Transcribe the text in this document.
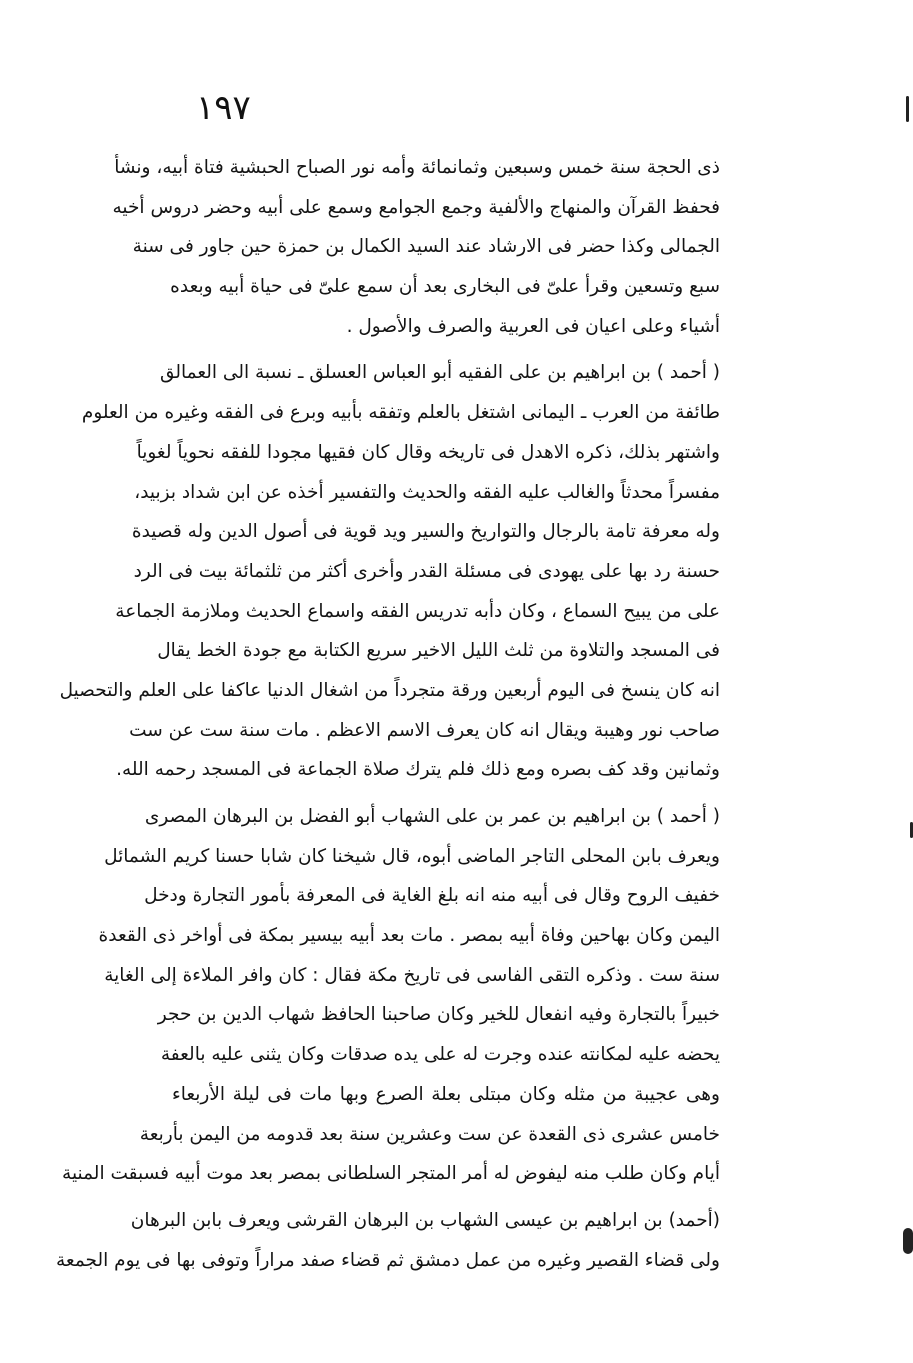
١٩٧
ذى الحجة سنة خمس وسبعين وثمانمائة وأمه نور الصباح الحبشية فتاة أبيه، ونشأ
فحفظ القرآن والمنهاج والألفية وجمع الجوامع وسمع على أبيه وحضر دروس أخيه
الجمالى وكذا حضر فى الارشاد عند السيد الكمال بن حمزة حين جاور فى سنة
سبع وتسعين وقرأ علىّ فى البخارى بعد أن سمع علىّ فى حياة أبيه وبعده
أشياء وعلى اعيان فى العربية والصرف والأصول .
( أحمد ) بن ابراهيم بن على الفقيه أبو العباس العسلق ـ نسبة الى العمالق
طائفة من العرب ـ اليمانى اشتغل بالعلم وتفقه بأبيه وبرع فى الفقه وغيره من العلوم
واشتهر بذلك، ذكره الاهدل فى تاريخه وقال كان فقيها مجودا للفقه نحوياً لغوياً
مفسراً محدثاً والغالب عليه الفقه والحديث والتفسير أخذه عن ابن شداد بزبيد،
وله معرفة تامة بالرجال والتواريخ والسير ويد قوية فى أصول الدين وله قصيدة
حسنة رد بها على يهودى فى مسئلة القدر وأخرى أكثر من ثلثمائة بيت فى الرد
على من يبيح السماع ، وكان دأبه تدريس الفقه واسماع الحديث وملازمة الجماعة
فى المسجد والتلاوة من ثلث الليل الاخير سريع الكتابة مع جودة الخط يقال
انه كان ينسخ فى اليوم أربعين ورقة متجرداً من اشغال الدنيا عاكفا على العلم والتحصيل
صاحب نور وهيبة ويقال انه كان يعرف الاسم الاعظم . مات سنة ست عن ست
وثمانين وقد كف بصره ومع ذلك فلم يترك صلاة الجماعة فى المسجد رحمه الله.
( أحمد ) بن ابراهيم بن عمر بن على الشهاب أبو الفضل بن البرهان المصرى
ويعرف بابن المحلى التاجر الماضى أبوه، قال شيخنا كان شابا حسنا كريم الشمائل
خفيف الروح وقال فى أبيه منه انه بلغ الغاية فى المعرفة بأمور التجارة ودخل
اليمن وكان بهاحين وفاة أبيه بمصر . مات بعد أبيه بيسير بمكة فى أواخر ذى القعدة
سنة ست . وذكره التقى الفاسى فى تاريخ مكة فقال : كان وافر الملاءة إلى الغاية
خبيراً بالتجارة وفيه انفعال للخير وكان صاحبنا الحافظ شهاب الدين بن حجر
يحضه عليه لمكانته عنده وجرت له على يده صدقات وكان يثنى عليه بالعفة
وهى عجيبة من مثله وكان مبتلى بعلة الصرع وبها مات فى ليلة الأربعاء
خامس عشرى ذى القعدة عن ست وعشرين سنة بعد قدومه من اليمن بأربعة
أيام وكان طلب منه ليفوض له أمر المتجر السلطانى بمصر بعد موت أبيه فسبقت المنية
(أحمد) بن ابراهيم بن عيسى الشهاب بن البرهان القرشى ويعرف بابن البرهان
ولى قضاء القصير وغيره من عمل دمشق ثم قضاء صفد مراراً وتوفى بها فى يوم الجمعة
